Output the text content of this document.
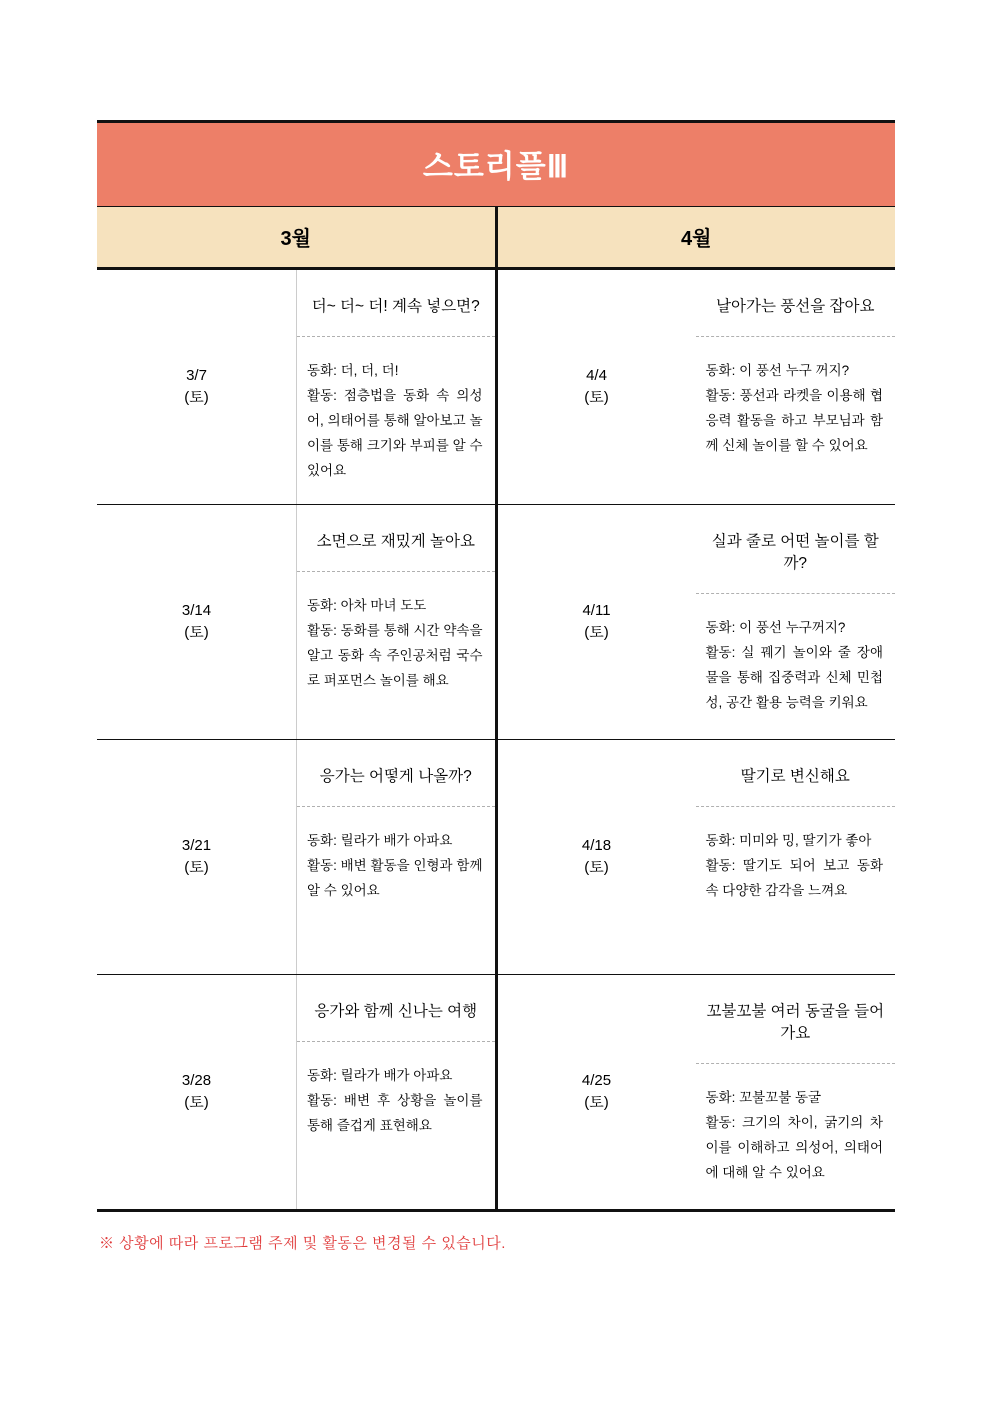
스토리플Ⅲ			
3월		4월	

3/7
(토)

더~ 더~ 더! 계속 넣으면?
동화: 더, 더, 더!
활동: 점층법을 동화 속 의성어, 의태어를 통해 알아보고 놀이를 통해 크기와 부피를 알 수 있어요

4/4
(토)

날아가는 풍선을 잡아요
동화: 이 풍선 누구 꺼지?
활동: 풍선과 라켓을 이용해 협응력 활동을 하고 부모님과 함께 신체 놀이를 할 수 있어요

3/14
(토)

소면으로 재밌게 놀아요
동화: 아차 마녀 도도
활동: 동화를 통해 시간 약속을 알고 동화 속 주인공처럼 국수로 퍼포먼스 놀이를 해요

4/11
(토)

실과 줄로 어떤 놀이를 할까?
동화: 이 풍선 누구꺼지?
활동: 실 꿰기 놀이와 줄 장애물을 통해 집중력과 신체 민첩성, 공간 활용 능력을 키워요

3/21
(토)

응가는 어떻게 나올까?
동화: 릴라가 배가 아파요
활동: 배변 활동을 인형과 함께 알 수 있어요

4/18
(토)

딸기로 변신해요
동화: 미미와 밍, 딸기가 좋아
활동: 딸기도 되어 보고 동화 속 다양한 감각을 느껴요

3/28
(토)

응가와 함께 신나는 여행
동화: 릴라가 배가 아파요
활동: 배변 후 상황을 놀이를 통해 즐겁게 표현해요

4/25
(토)

꼬불꼬불 여러 동굴을 들어가요
동화: 꼬불꼬불 동굴
활동: 크기의 차이, 굵기의 차이를 이해하고 의성어, 의태어에 대해 알 수 있어요
※ 상황에 따라 프로그램 주제 및 활동은 변경될 수 있습니다.
